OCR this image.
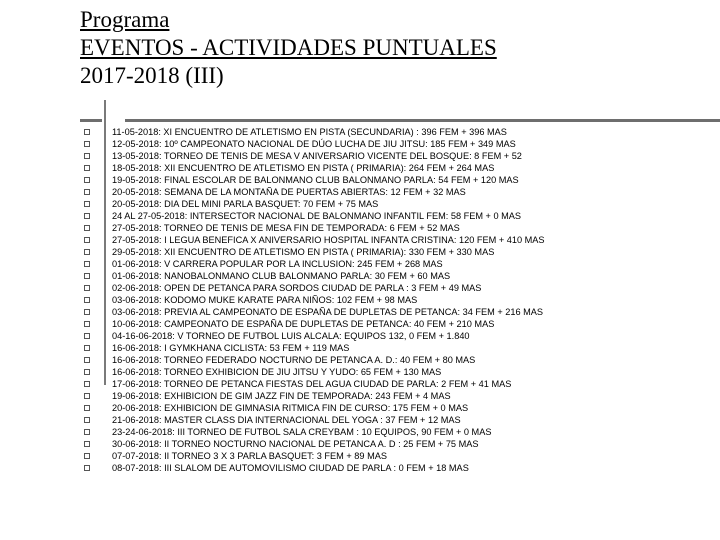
Programa
EVENTOS - ACTIVIDADES PUNTUALES
2017-2018 (III)
11-05-2018: XI ENCUENTRO DE ATLETISMO EN PISTA (SECUNDARIA) : 396 FEM + 396 MAS
12-05-2018: 10º CAMPEONATO NACIONAL DE DÚO LUCHA DE JIU JITSU: 185 FEM + 349 MAS
13-05-2018: TORNEO DE TENIS DE MESA V ANIVERSARIO VICENTE DEL BOSQUE: 8 FEM + 52
18-05-2018: XII ENCUENTRO DE ATLETISMO EN PISTA ( PRIMARIA): 264 FEM + 264 MAS
19-05-2018: FINAL ESCOLAR DE BALONMANO CLUB BALONMANO PARLA: 54 FEM + 120 MAS
20-05-2018: SEMANA DE LA MONTAÑA DE PUERTAS ABIERTAS: 12 FEM + 32 MAS
20-05-2018: DIA DEL MINI PARLA BASQUET: 70 FEM + 75 MAS
24 AL 27-05-2018: INTERSECTOR NACIONAL DE BALONMANO INFANTIL FEM: 58 FEM + 0 MAS
27-05-2018: TORNEO DE TENIS DE MESA FIN DE TEMPORADA: 6 FEM + 52 MAS
27-05-2018: I LEGUA BENEFICA X ANIVERSARIO HOSPITAL INFANTA CRISTINA: 120 FEM + 410 MAS
29-05-2018: XII ENCUENTRO DE ATLETISMO EN PISTA ( PRIMARIA): 330 FEM + 330 MAS
01-06-2018: V CARRERA POPULAR POR LA INCLUSION: 245 FEM + 268 MAS
01-06-2018: NANOBALONMANO CLUB BALONMANO PARLA: 30 FEM + 60 MAS
02-06-2018: OPEN DE PETANCA PARA SORDOS CIUDAD DE PARLA : 3 FEM + 49 MAS
03-06-2018: KODOMO MUKE KARATE PARA NIÑOS: 102 FEM + 98 MAS
03-06-2018: PREVIA AL CAMPEONATO DE ESPAÑA DE DUPLETAS DE PETANCA: 34 FEM + 216 MAS
10-06-2018: CAMPEONATO DE ESPAÑA DE DUPLETAS DE PETANCA: 40 FEM + 210 MAS
04-16-06-2018: V TORNEO DE FUTBOL LUIS ALCALA: EQUIPOS 132, 0 FEM + 1.840
16-06-2018: I GYMKHANA CICLISTA: 53 FEM + 119 MAS
16-06-2018: TORNEO FEDERADO NOCTURNO DE PETANCA A. D.: 40 FEM + 80 MAS
16-06-2018: TORNEO EXHIBICION DE JIU JITSU Y YUDO: 65 FEM + 130 MAS
17-06-2018: TORNEO DE PETANCA FIESTAS DEL AGUA CIUDAD DE PARLA: 2 FEM + 41 MAS
19-06-2018: EXHIBICION DE GIM JAZZ FIN DE TEMPORADA: 243 FEM + 4 MAS
20-06-2018: EXHIBICION DE GIMNASIA RITMICA FIN DE CURSO: 175 FEM + 0 MAS
21-06-2018: MASTER CLASS DIA INTERNACIONAL DEL YOGA : 37 FEM + 12 MAS
23-24-06-2018: III TORNEO DE FUTBOL SALA CREYBAM : 10 EQUIPOS, 90 FEM + 0 MAS
30-06-2018: II TORNEO NOCTURNO NACIONAL DE PETANCA A. D : 25 FEM + 75 MAS
07-07-2018: II TORNEO 3 X 3 PARLA BASQUET: 3 FEM + 89 MAS
08-07-2018: III SLALOM DE AUTOMOVILISMO CIUDAD DE PARLA : 0 FEM + 18 MAS
